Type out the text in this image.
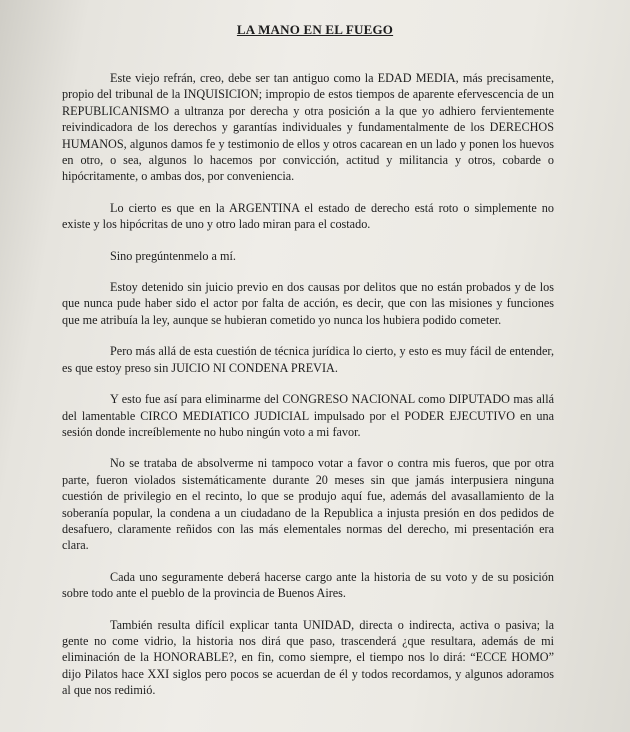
LA MANO EN EL FUEGO

Este viejo refrán, creo, debe ser tan antiguo como la EDAD MEDIA, más precisamente, propio del tribunal de la INQUISICION; impropio de estos tiempos de aparente efervescencia de un REPUBLICANISMO a ultranza por derecha y otra posición a la que yo adhiero fervientemente reivindicadora de los derechos y garantías individuales y fundamentalmente de los DERECHOS HUMANOS, algunos damos fe y testimonio de ellos y otros cacarean en un lado y ponen los huevos en otro, o sea, algunos lo hacemos por convicción, actitud y militancia y otros, cobarde o hipócritamente, o ambas dos, por conveniencia.

Lo cierto es que en la ARGENTINA el estado de derecho está roto o simplemente no existe y los hipócritas de uno y otro lado miran para el costado.

Sino pregúntenmelo a mí.

Estoy detenido sin juicio previo en dos causas por delitos que no están probados y de los que nunca pude haber sido el actor por falta de acción, es decir, que con las misiones y funciones que me atribuía la ley, aunque se hubieran cometido yo nunca los hubiera podido cometer.

Pero más allá de esta cuestión de técnica jurídica lo cierto, y esto es muy fácil de entender, es que estoy preso sin JUICIO NI CONDENA PREVIA.

Y esto fue así para eliminarme del CONGRESO NACIONAL como DIPUTADO mas allá del lamentable CIRCO MEDIATICO JUDICIAL impulsado por el PODER EJECUTIVO en una sesión donde increíblemente no hubo ningún voto a mi favor.

No se trataba de absolverme ni tampoco votar a favor o contra mis fueros, que por otra parte, fueron violados sistemáticamente durante 20 meses sin que jamás interpusiera ninguna cuestión de privilegio en el recinto, lo que se produjo aquí fue, además del avasallamiento de la soberanía popular, la condena a un ciudadano de la Republica a injusta presión en dos pedidos de desafuero, claramente reñidos con las más elementales normas del derecho, mi presentación era clara.

Cada uno seguramente deberá hacerse cargo ante la historia de su voto y de su posición sobre todo ante el pueblo de la provincia de Buenos Aires.

También resulta difícil explicar tanta UNIDAD, directa o indirecta, activa o pasiva; la gente no come vidrio, la historia nos dirá que paso, trascenderá ¿que resultara, además de mi eliminación de la HONORABLE?, en fin, como siempre, el tiempo nos lo dirá: “ECCE HOMO” dijo Pilatos hace XXI siglos pero pocos se acuerdan de él y todos recordamos, y algunos adoramos al que nos redimió.
